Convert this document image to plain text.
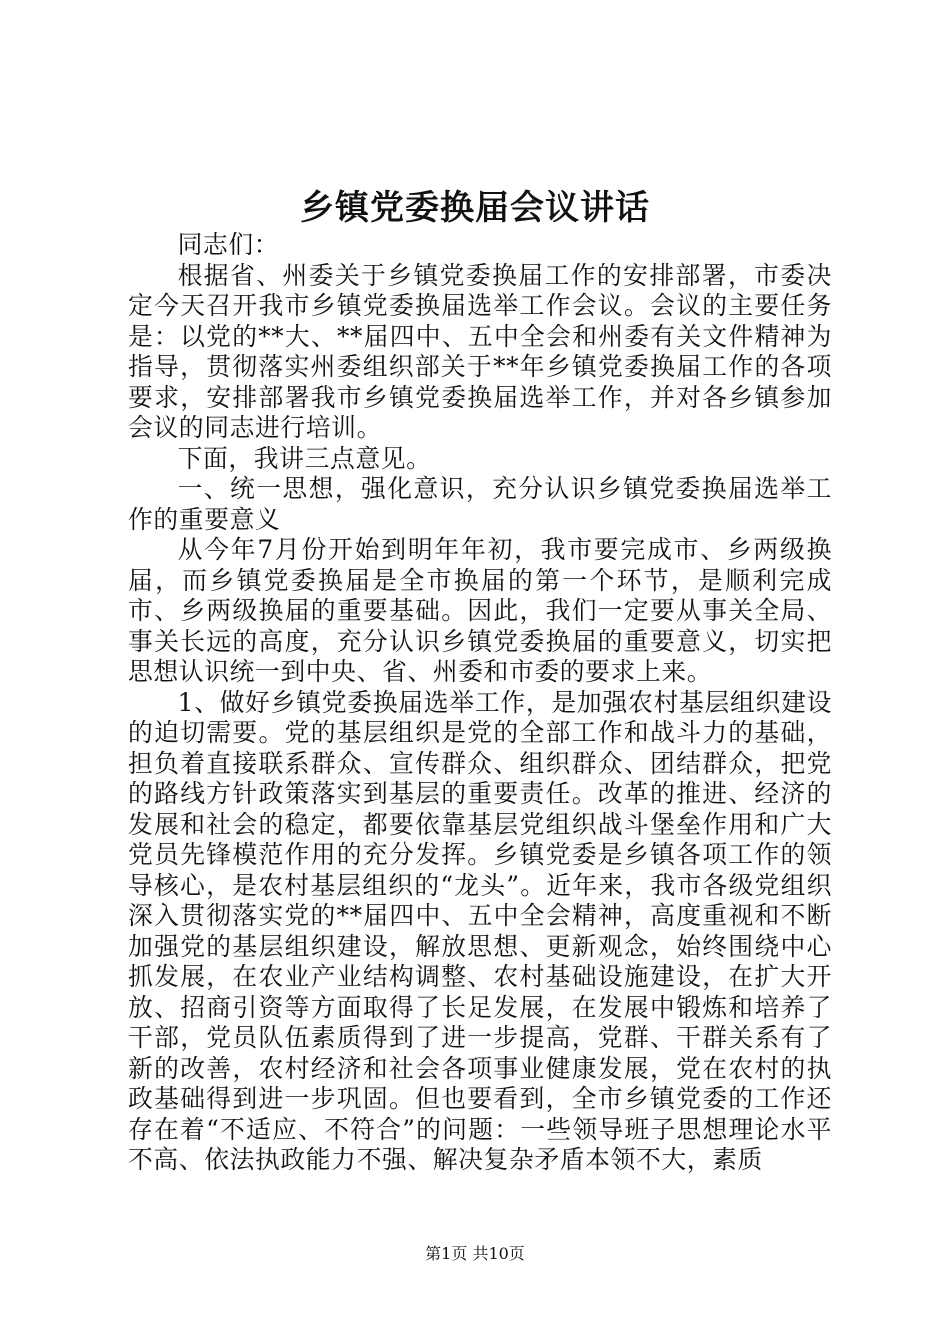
乡镇党委换届会议讲话

同志们：

根据省、州委关于乡镇党委换届工作的安排部署，市委决定今天召开我市乡镇党委换届选举工作会议。会议的主要任务是：以党的**大、**届四中、五中全会和州委有关文件精神为指导，贯彻落实州委组织部关于**年乡镇党委换届工作的各项要求，安排部署我市乡镇党委换届选举工作，并对各乡镇参加会议的同志进行培训。

下面，我讲三点意见。

一、统一思想，强化意识，充分认识乡镇党委换届选举工作的重要意义

从今年7月份开始到明年年初，我市要完成市、乡两级换届，而乡镇党委换届是全市换届的第一个环节，是顺利完成市、乡两级换届的重要基础。因此，我们一定要从事关全局、事关长远的高度，充分认识乡镇党委换届的重要意义，切实把思想认识统一到中央、省、州委和市委的要求上来。

1、做好乡镇党委换届选举工作，是加强农村基层组织建设的迫切需要。党的基层组织是党的全部工作和战斗力的基础，担负着直接联系群众、宣传群众、组织群众、团结群众，把党的路线方针政策落实到基层的重要责任。改革的推进、经济的发展和社会的稳定，都要依靠基层党组织战斗堡垒作用和广大党员先锋模范作用的充分发挥。乡镇党委是乡镇各项工作的领导核心，是农村基层组织的“龙头”。近年来，我市各级党组织深入贯彻落实党的**届四中、五中全会精神，高度重视和不断加强党的基层组织建设，解放思想、更新观念，始终围绕中心抓发展，在农业产业结构调整、农村基础设施建设，在扩大开放、招商引资等方面取得了长足发展，在发展中锻炼和培养了干部，党员队伍素质得到了进一步提高，党群、干群关系有了新的改善，农村经济和社会各项事业健康发展，党在农村的执政基础得到进一步巩固。但也要看到，全市乡镇党委的工作还存在着“不适应、不符合”的问题：一些领导班子思想理论水平不高、依法执政能力不强、解决复杂矛盾本领不大，素质

第1页 共10页
